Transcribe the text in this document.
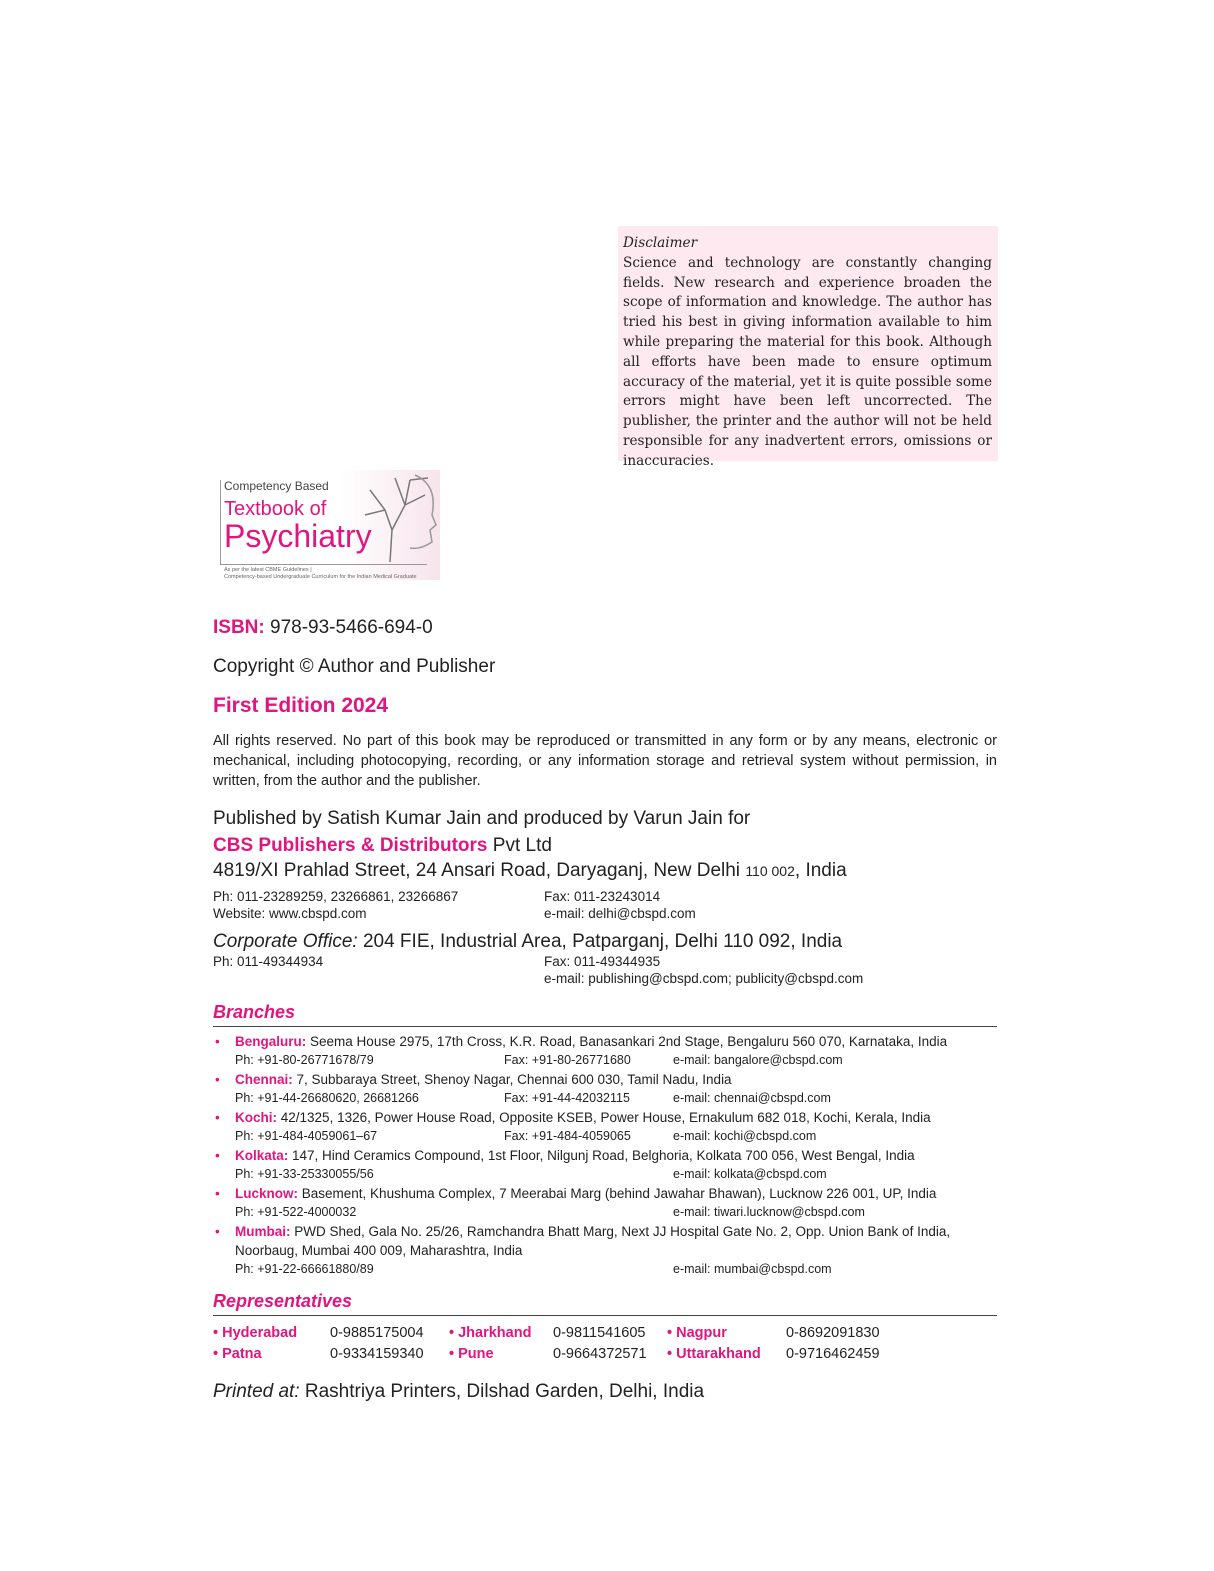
Disclaimer
Science and technology are constantly changing fields. New research and experience broaden the scope of information and knowledge. The author has tried his best in giving information available to him while preparing the material for this book. Although all efforts have been made to ensure optimum accuracy of the material, yet it is quite possible some errors might have been left uncorrected. The publisher, the printer and the author will not be held responsible for any inadvertent errors, omissions or inaccuracies.
Competency Based
Textbook of
Psychiatry
As per the latest CBME Guidelines |
Competency-based Undergraduate Curriculum for the Indian Medical Graduate
ISBN: 978-93-5466-694-0
Copyright © Author and Publisher
First Edition 2024
All rights reserved. No part of this book may be reproduced or transmitted in any form or by any means, electronic or mechanical, including photocopying, recording, or any information storage and retrieval system without permission, in written, from the author and the publisher.
Published by Satish Kumar Jain and produced by Varun Jain for
CBS Publishers & Distributors Pvt Ltd
4819/XI Prahlad Street, 24 Ansari Road, Daryaganj, New Delhi 110 002, India
Ph: 011-23289259, 23266861, 23266867	Fax: 011-23243014
Website: www.cbspd.com	e-mail: delhi@cbspd.com
Corporate Office: 204 FIE, Industrial Area, Patparganj, Delhi 110 092, India
Ph: 011-49344934	Fax: 011-49344935
e-mail: publishing@cbspd.com; publicity@cbspd.com
Branches
•	Bengaluru: Seema House 2975, 17th Cross, K.R. Road, Banasankari 2nd Stage, Bengaluru 560 070, Karnataka, India
Ph: +91-80-26771678/79	Fax: +91-80-26771680	e-mail: bangalore@cbspd.com
•	Chennai: 7, Subbaraya Street, Shenoy Nagar, Chennai 600 030, Tamil Nadu, India
Ph: +91-44-26680620, 26681266	Fax: +91-44-42032115	e-mail: chennai@cbspd.com
•	Kochi: 42/1325, 1326, Power House Road, Opposite KSEB, Power House, Ernakulum 682 018, Kochi, Kerala, India
Ph: +91-484-4059061–67	Fax: +91-484-4059065	e-mail: kochi@cbspd.com
•	Kolkata: 147, Hind Ceramics Compound, 1st Floor, Nilgunj Road, Belghoria, Kolkata 700 056, West Bengal, India
Ph: +91-33-25330055/56	e-mail: kolkata@cbspd.com
•	Lucknow: Basement, Khushuma Complex, 7 Meerabai Marg (behind Jawahar Bhawan), Lucknow 226 001, UP, India
Ph: +91-522-4000032	e-mail: tiwari.lucknow@cbspd.com
•	Mumbai: PWD Shed, Gala No. 25/26, Ramchandra Bhatt Marg, Next JJ Hospital Gate No. 2, Opp. Union Bank of India, Noorbaug, Mumbai 400 009, Maharashtra, India
Ph: +91-22-66661880/89	e-mail: mumbai@cbspd.com
Representatives
• Hyderabad 0-9885175004 • Jharkhand 0-9811541605 • Nagpur	0-8692091830
• Patna	0-9334159340 • Pune	0-9664372571 • Uttarakhand 0-9716462459
Printed at: Rashtriya Printers, Dilshad Garden, Delhi, India
